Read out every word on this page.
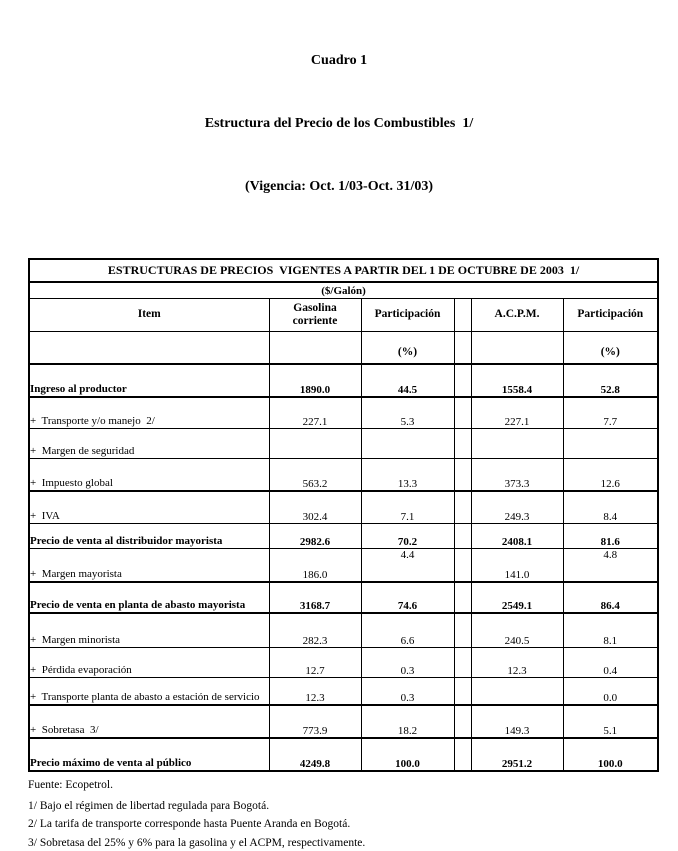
Cuadro 1

Estructura del Precio de los Combustibles  1/

(Vigencia: Oct. 1/03-Oct. 31/03)

ESTRUCTURAS DE PRECIOS  VIGENTES A PARTIR DEL 1 DE OCTUBRE DE 2003  1/					
($/Galón)					
Item	Gasolina corriente	Participación		A.C.P.M.	Participación
		(%)			(%)
Ingreso al productor	1890.0	44.5		1558.4	52.8
+  Transporte y/o manejo  2/	227.1	5.3		227.1	7.7
+  Margen de seguridad					
+  Impuesto global	563.2	13.3		373.3	12.6
+  IVA	302.4	7.1		249.3	8.4
Precio de venta al distribuidor mayorista	2982.6	70.2		2408.1	81.6
+  Margen mayorista	186.0	4.4		141.0	4.8
Precio de venta en planta de abasto mayorista	3168.7	74.6		2549.1	86.4
+  Margen minorista	282.3	6.6		240.5	8.1
+  Pérdida evaporación	12.7	0.3		12.3	0.4
+  Transporte planta de abasto a estación de servicio	12.3	0.3			0.0
+  Sobretasa  3/	773.9	18.2		149.3	5.1
Precio máximo de venta al público	4249.8	100.0		2951.2	100.0
Fuente: Ecopetrol.
1/ Bajo el régimen de libertad regulada para Bogotá.
2/ La tarifa de transporte corresponde hasta Puente Aranda en Bogotá.
3/ Sobretasa del 25% y 6% para la gasolina y el ACPM, respectivamente.
